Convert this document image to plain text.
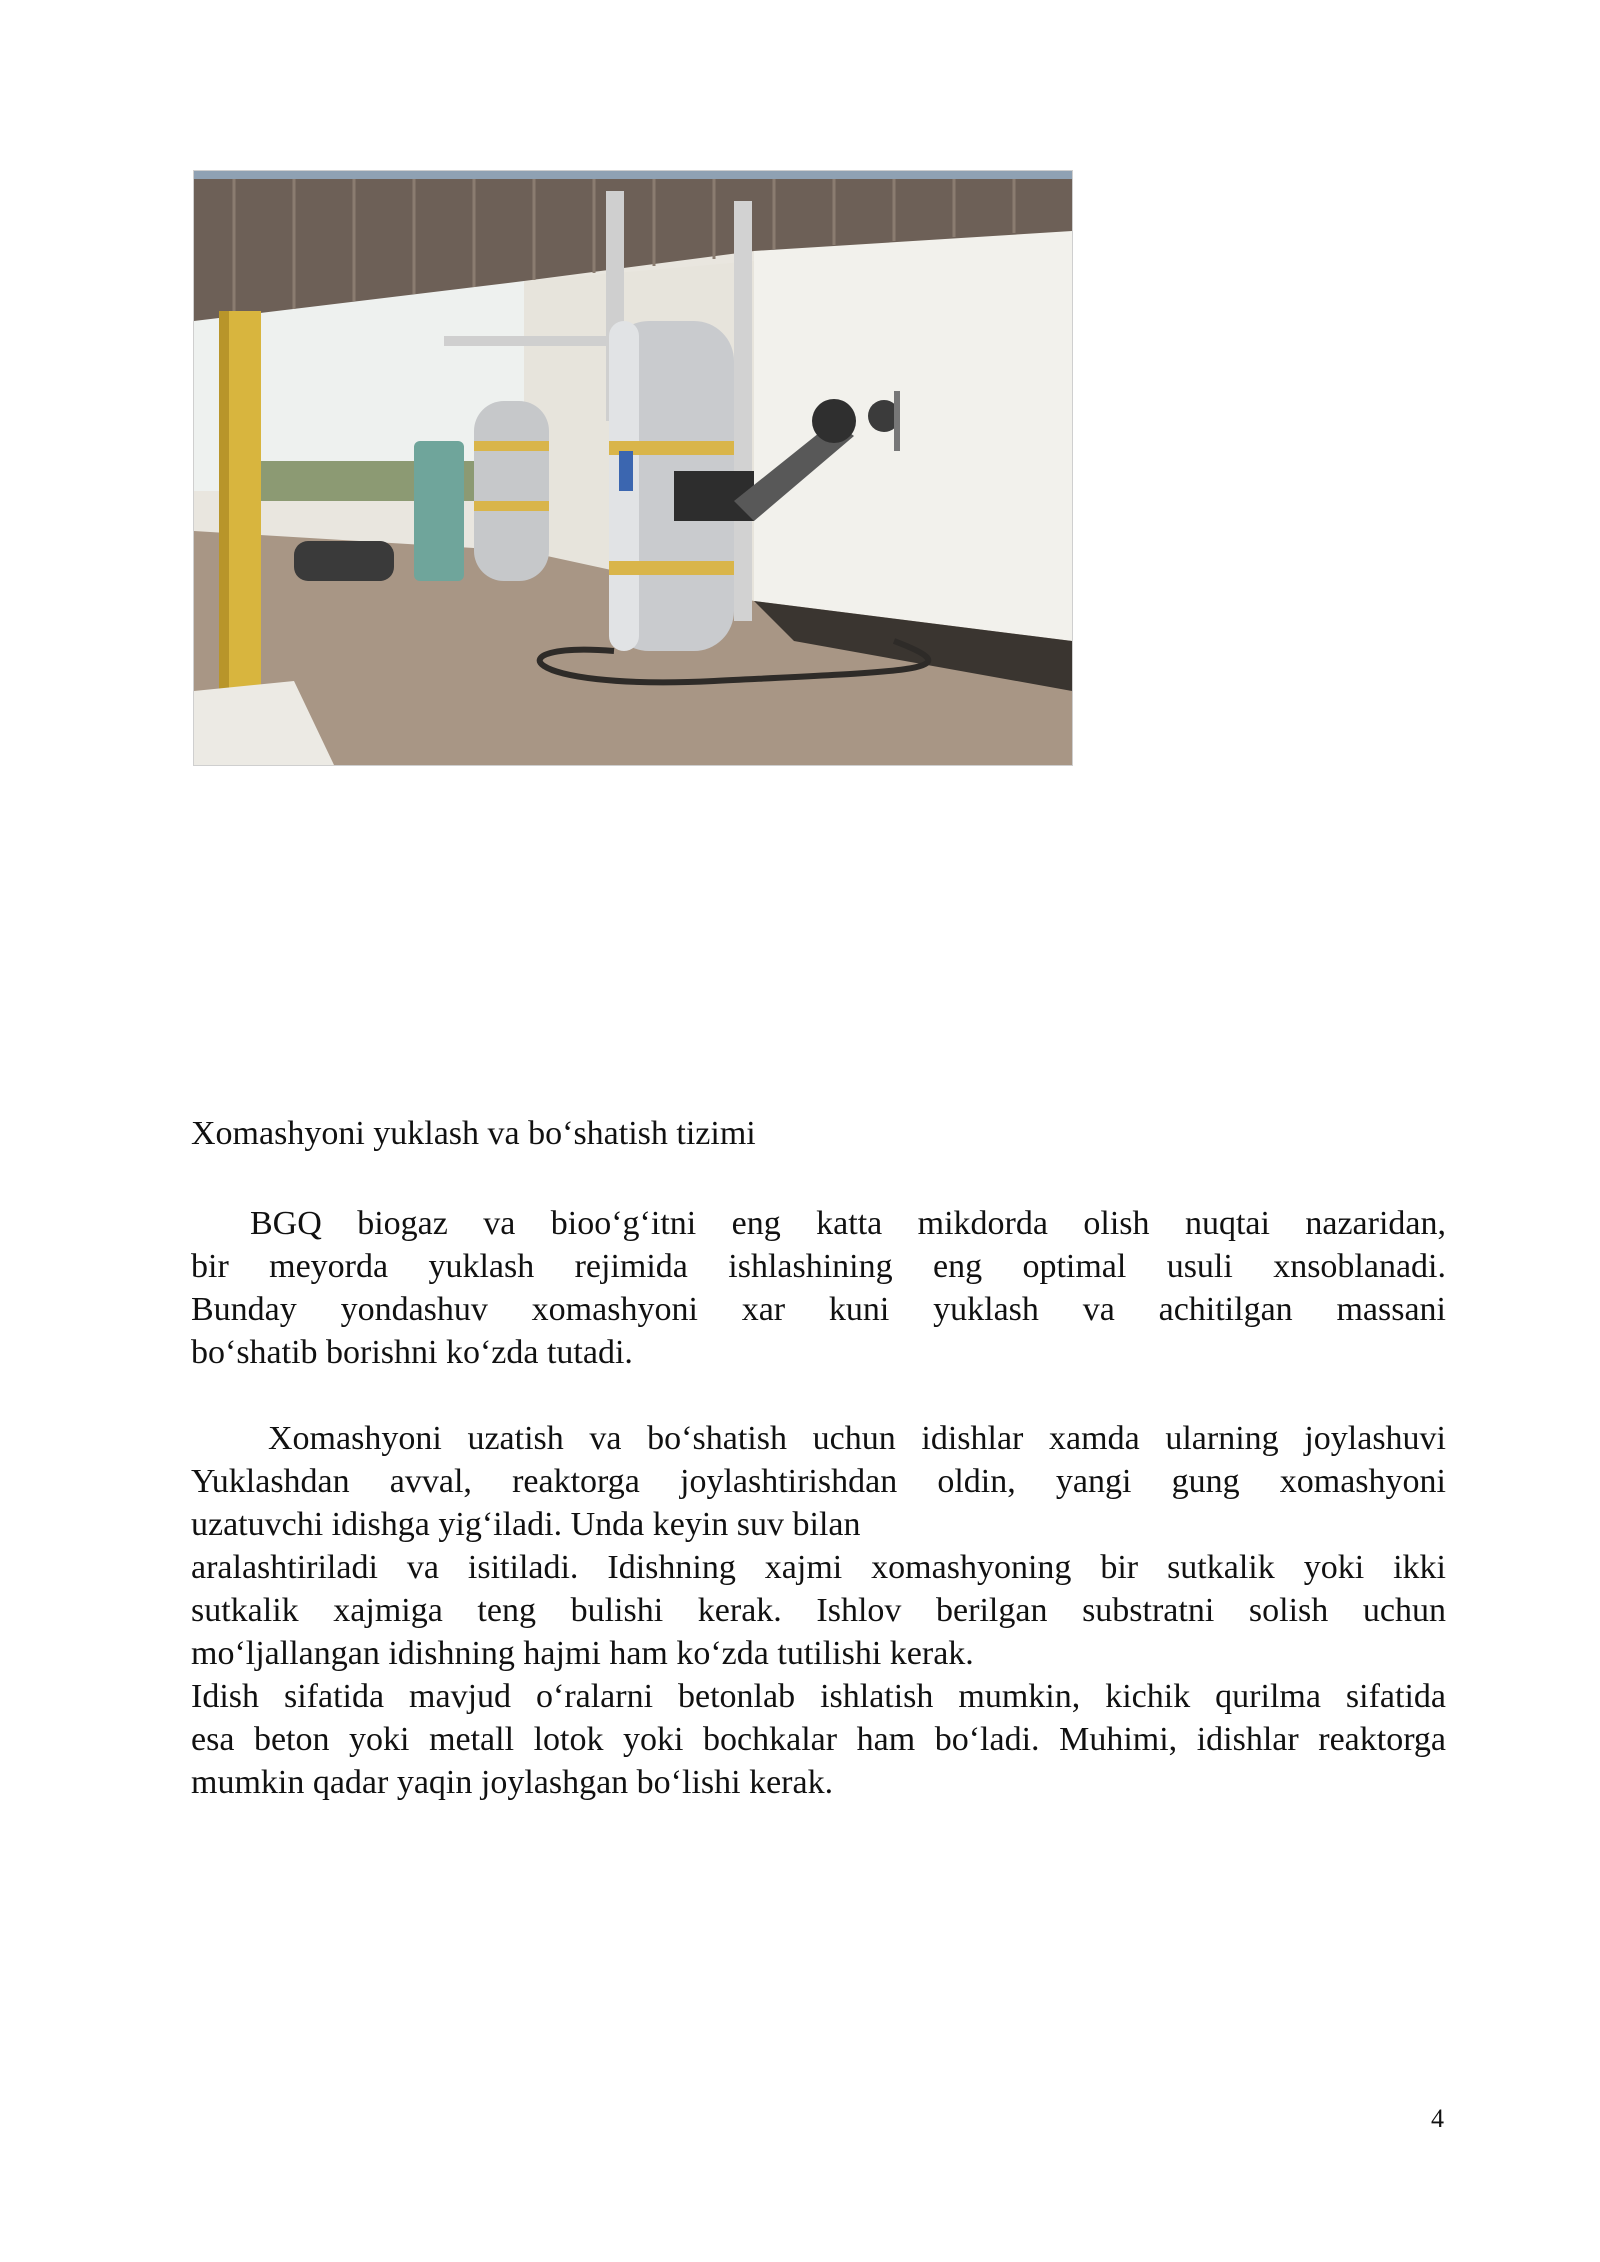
Xomashyoni yuklash va bo‘shatish tizimi
BGQ biogaz va bioo‘g‘itni eng katta mikdorda olish nuqtai nazaridan,
bir meyorda yuklash rejimida ishlashining eng optimal usuli xnsoblanadi.
Bunday yondashuv xomashyoni xar kuni yuklash va achitilgan massani
bo‘shatib borishni ko‘zda tutadi.
Xomashyoni uzatish va bo‘shatish uchun idishlar xamda ularning joylashuvi
Yuklashdan avval, reaktorga joylashtirishdan oldin, yangi gung xomashyoni
uzatuvchi idishga yig‘iladi. Unda keyin suv bilan
aralashtiriladi va isitiladi. Idishning xajmi xomashyoning bir sutkalik yoki ikki
sutkalik xajmiga teng bulishi kerak. Ishlov berilgan substratni solish uchun
mo‘ljallangan idishning hajmi ham ko‘zda tutilishi kerak.
Idish sifatida mavjud o‘ralarni betonlab ishlatish mumkin, kichik qurilma sifatida
esa beton yoki metall lotok yoki bochkalar ham bo‘ladi. Muhimi, idishlar reaktorga
mumkin qadar yaqin joylashgan bo‘lishi kerak.
4
